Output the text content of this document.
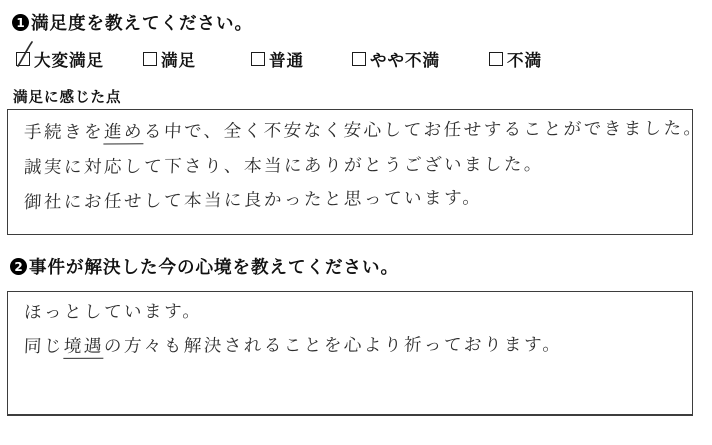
1 満足度を教えてください。
大変満足	満足	普通	やや不満	不満
満足に感じた点
手続きを進める中で、全く不安なく安心してお任せすることができました。
誠実に対応して下さり、本当にありがとうございました。
御社にお任せして本当に良かったと思っています。
2 事件が解決した今の心境を教えてください。
ほっとしています。
同じ境遇の方々も解決されることを心より祈っております。
